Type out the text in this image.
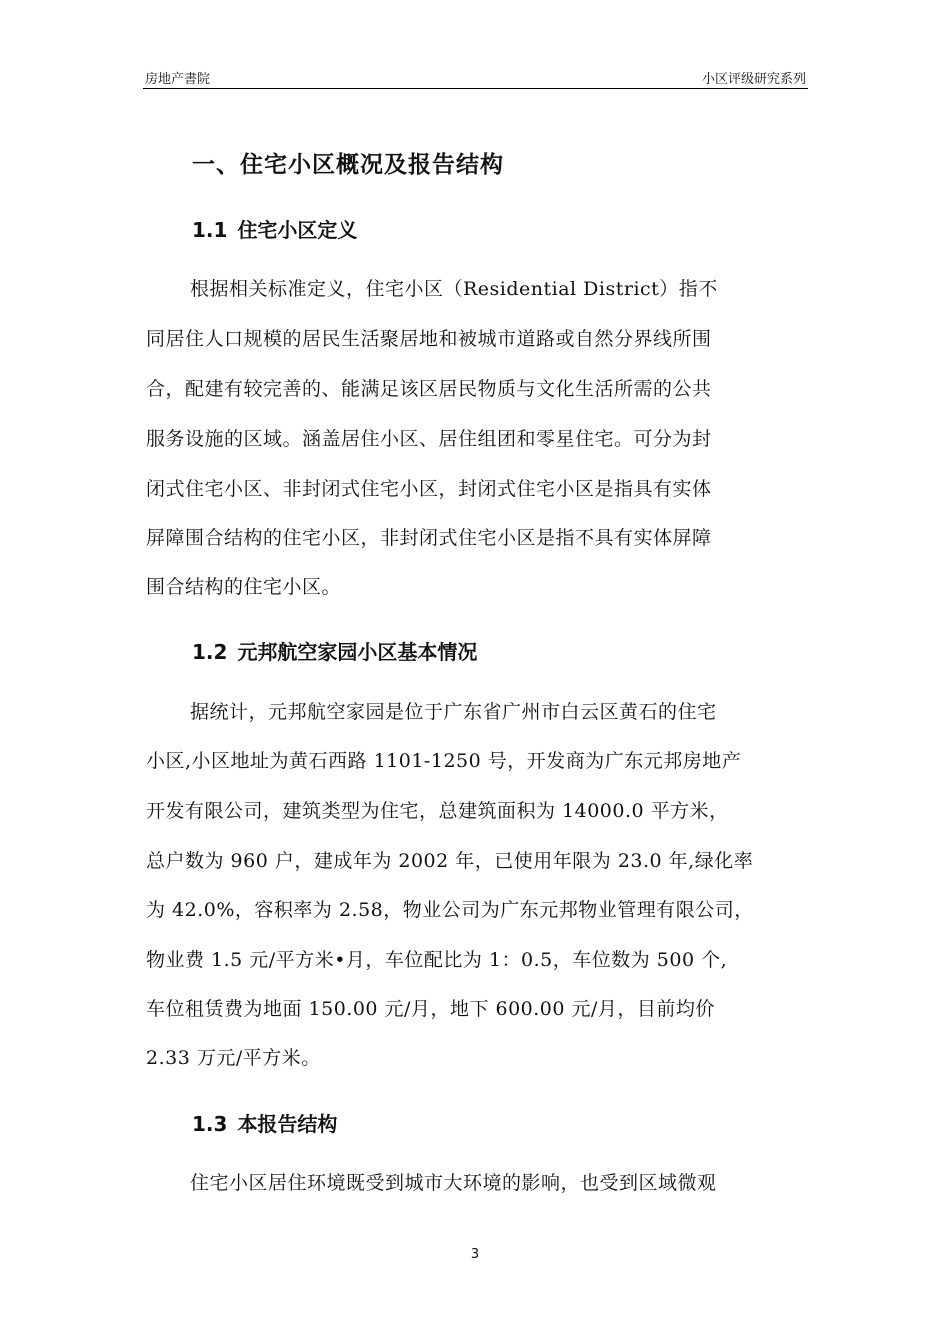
房地产書院	小区评级研究系列
一、住宅小区概况及报告结构
1.1 住宅小区定义
根据相关标准定义，住宅小区（Residential District）指不
同居住人口规模的居民生活聚居地和被城市道路或自然分界线所围
合，配建有较完善的、能满足该区居民物质与文化生活所需的公共
服务设施的区域。涵盖居住小区、居住组团和零星住宅。可分为封
闭式住宅小区、非封闭式住宅小区，封闭式住宅小区是指具有实体
屏障围合结构的住宅小区，非封闭式住宅小区是指不具有实体屏障
围合结构的住宅小区。
1.2 元邦航空家园小区基本情况
据统计，元邦航空家园是位于广东省广州市白云区黄石的住宅
小区,小区地址为黄石西路 1101-1250 号，开发商为广东元邦房地产
开发有限公司，建筑类型为住宅，总建筑面积为 14000.0 平方米，
总户数为 960 户，建成年为 2002 年，已使用年限为 23.0 年,绿化率
为 42.0%，容积率为 2.58，物业公司为广东元邦物业管理有限公司，
物业费 1.5 元/平方米•月，车位配比为 1：0.5，车位数为 500 个,
车位租赁费为地面 150.00 元/月，地下 600.00 元/月，目前均价
2.33 万元/平方米。
1.3 本报告结构
住宅小区居住环境既受到城市大环境的影响，也受到区域微观
3
